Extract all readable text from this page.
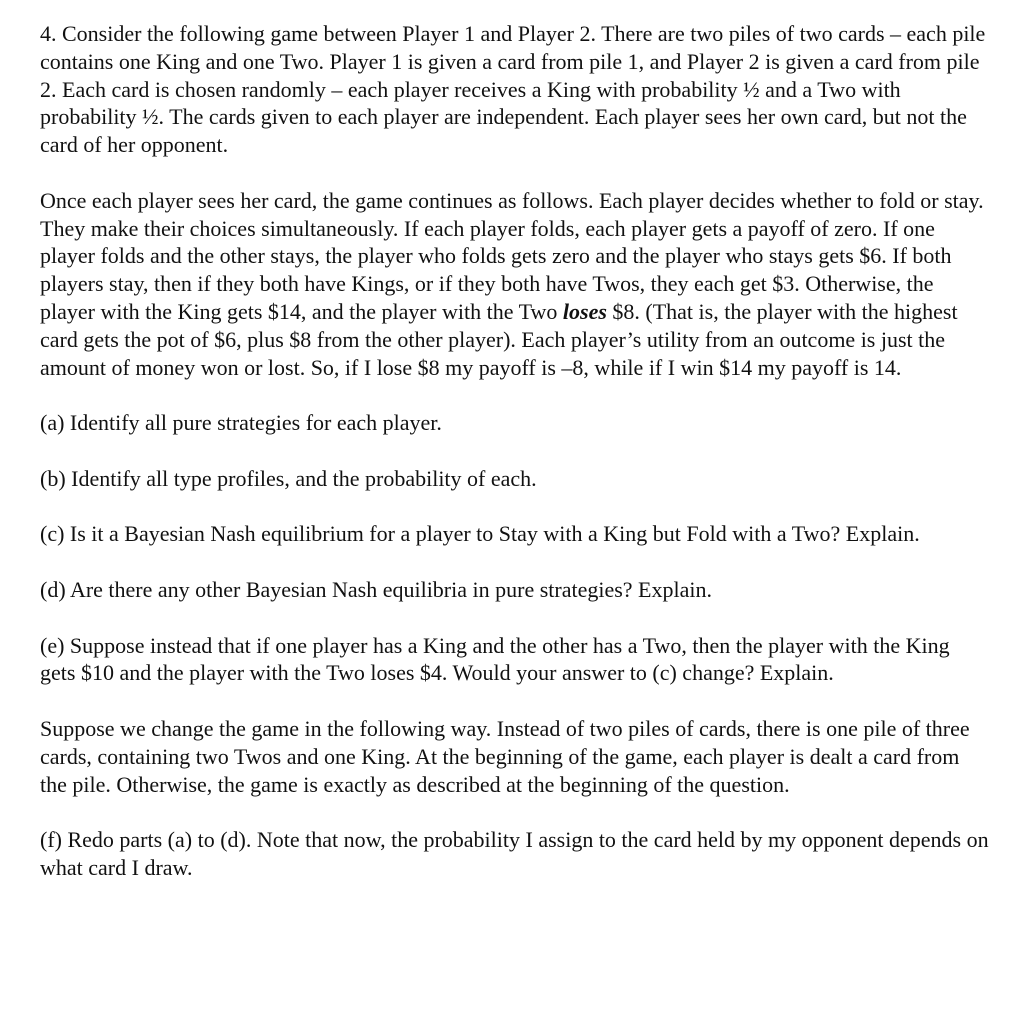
4. Consider the following game between Player 1 and Player 2. There are two piles of two cards – each pile contains one King and one Two. Player 1 is given a card from pile 1, and Player 2 is given a card from pile 2. Each card is chosen randomly – each player receives a King with probability ½ and a Two with probability ½. The cards given to each player are independent. Each player sees her own card, but not the card of her opponent.

Once each player sees her card, the game continues as follows. Each player decides whether to fold or stay. They make their choices simultaneously. If each player folds, each player gets a payoff of zero. If one player folds and the other stays, the player who folds gets zero and the player who stays gets $6. If both players stay, then if they both have Kings, or if they both have Twos, they each get $3. Otherwise, the player with the King gets $14, and the player with the Two loses $8. (That is, the player with the highest card gets the pot of $6, plus $8 from the other player). Each player’s utility from an outcome is just the amount of money won or lost. So, if I lose $8 my payoff is –8, while if I win $14 my payoff is 14.

(a) Identify all pure strategies for each player.

(b) Identify all type profiles, and the probability of each.

(c) Is it a Bayesian Nash equilibrium for a player to Stay with a King but Fold with a Two? Explain.

(d) Are there any other Bayesian Nash equilibria in pure strategies? Explain.

(e) Suppose instead that if one player has a King and the other has a Two, then the player with the King gets $10 and the player with the Two loses $4. Would your answer to (c) change? Explain.

Suppose we change the game in the following way. Instead of two piles of cards, there is one pile of three cards, containing two Twos and one King. At the beginning of the game, each player is dealt a card from the pile. Otherwise, the game is exactly as described at the beginning of the question.

(f) Redo parts (a) to (d). Note that now, the probability I assign to the card held by my opponent depends on what card I draw.
